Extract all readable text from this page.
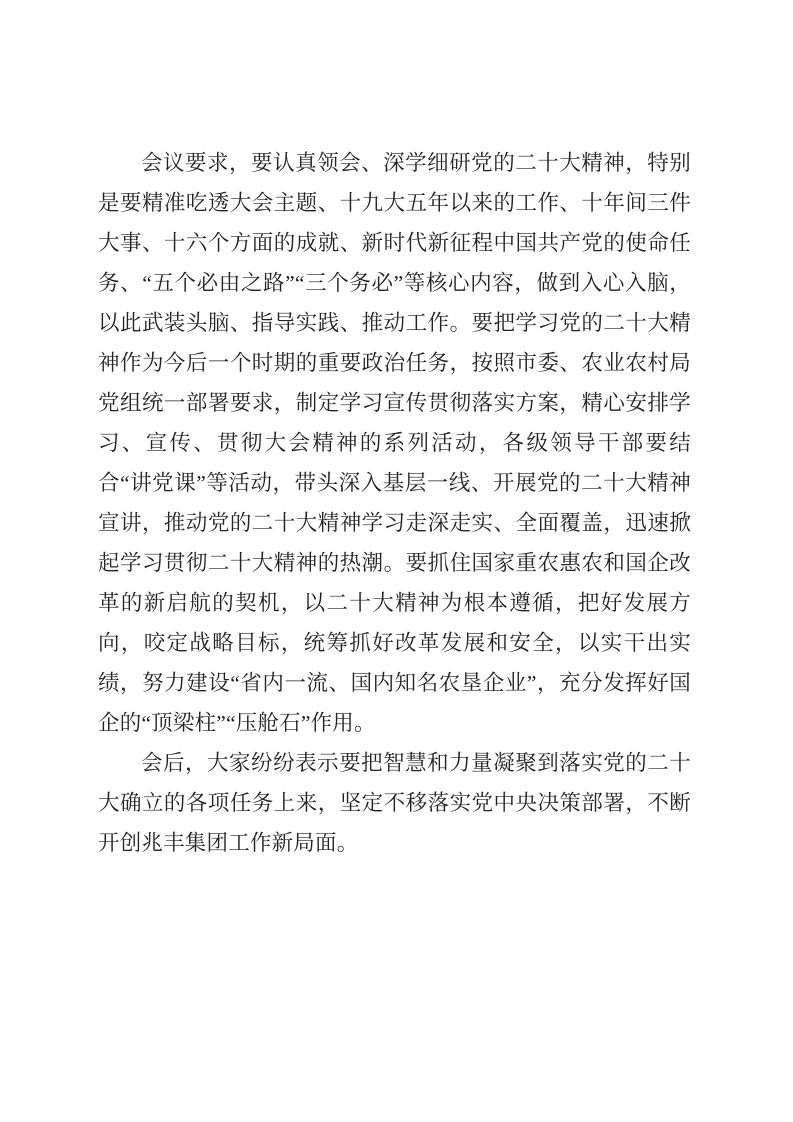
会议要求，要认真领会、深学细研党的二十大精神，特别是要精准吃透大会主题、十九大五年以来的工作、十年间三件大事、十六个方面的成就、新时代新征程中国共产党的使命任务、“五个必由之路”“三个务必”等核心内容，做到入心入脑，以此武装头脑、指导实践、推动工作。要把学习党的二十大精神作为今后一个时期的重要政治任务，按照市委、农业农村局党组统一部署要求，制定学习宣传贯彻落实方案，精心安排学习、宣传、贯彻大会精神的系列活动，各级领导干部要结合“讲党课”等活动，带头深入基层一线、开展党的二十大精神宣讲，推动党的二十大精神学习走深走实、全面覆盖，迅速掀起学习贯彻二十大精神的热潮。要抓住国家重农惠农和国企改革的新启航的契机，以二十大精神为根本遵循，把好发展方向，咬定战略目标，统筹抓好改革发展和安全，以实干出实绩，努力建设“省内一流、国内知名农垦企业”，充分发挥好国企的“顶梁柱”“压舱石”作用。

会后，大家纷纷表示要把智慧和力量凝聚到落实党的二十大确立的各项任务上来，坚定不移落实党中央决策部署，不断开创兆丰集团工作新局面。
